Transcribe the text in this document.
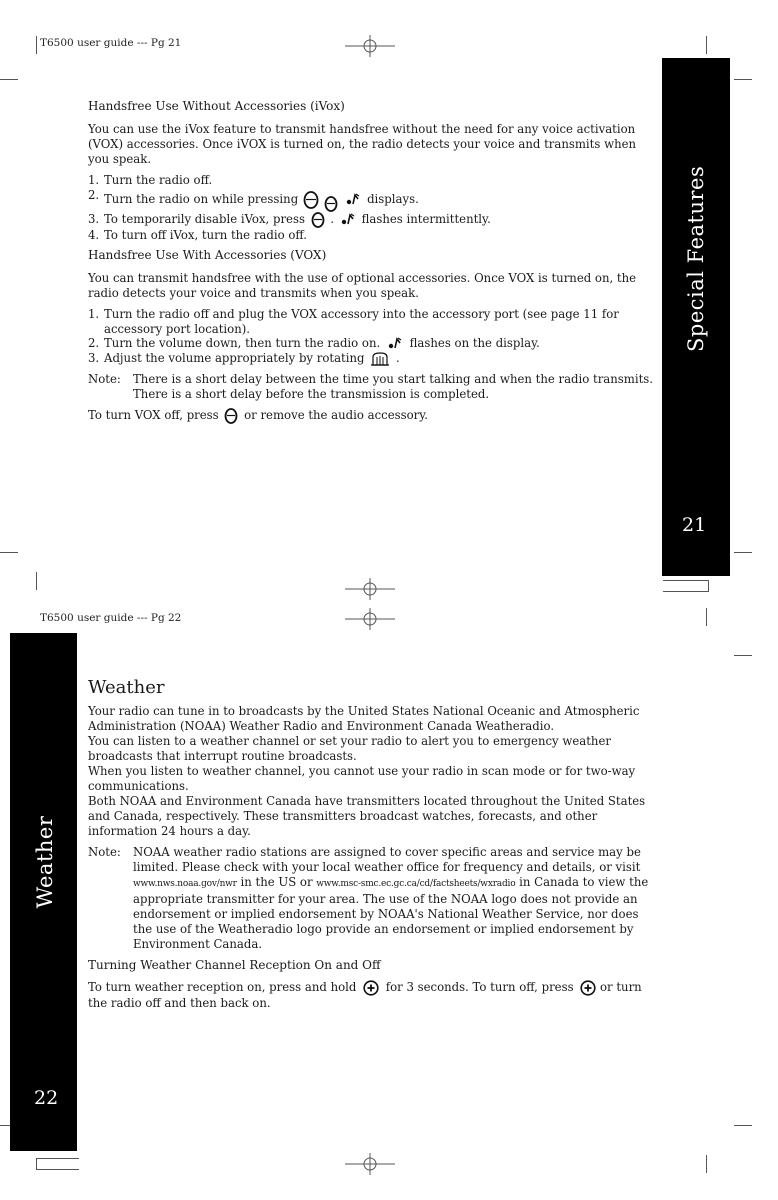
T6500 user guide --- Pg 21
Special Features
21

Handsfree Use Without Accessories (iVox)

You can use the iVox feature to transmit handsfree without the need for any voice activation (VOX) accessories. Once iVOX is turned on, the radio detects your voice and transmits when you speak.

1. Turn the radio off.
2. Turn the radio on while pressing

	displays.
3. To temporarily disable iVox, press . flashes intermittently.
4. To turn off iVox, turn the radio off.

Handsfree Use With Accessories (VOX)

You can transmit handsfree with the use of optional accessories. Once VOX is turned on, the radio detects your voice and transmits when you speak.

1. Turn the radio off and plug the VOX accessory into the accessory port (see page 11 for accessory port location).
2. Turn the volume down, then turn the radio on.	flashes on the display.
3. Adjust the volume appropriately by rotating	.
Note:	There is a short delay between the time you start talking and when the radio transmits. There is a short delay before the transmission is completed.

To turn VOX off, press or remove the audio accessory.

T6500 user guide --- Pg 22
Weather
22

Weather

Your radio can tune in to broadcasts by the United States National Oceanic and Atmospheric Administration (NOAA) Weather Radio and Environment Canada Weatheradio.

You can listen to a weather channel or set your radio to alert you to emergency weather broadcasts that interrupt routine broadcasts.

When you listen to weather channel, you cannot use your radio in scan mode or for two-way communications.

Both NOAA and Environment Canada have transmitters located throughout the United States and Canada, respectively. These transmitters broadcast watches, forecasts, and other information 24 hours a day.

Note:	NOAA weather radio stations are assigned to cover specific areas and service may be limited. Please check with your local weather office for frequency and details, or visit www.nws.noaa.gov/nwr in the US or www.msc-smc.ec.gc.ca/cd/factsheets/wxradio in Canada to view the appropriate transmitter for your area. The use of the NOAA logo does not provide an endorsement or implied endorsement by NOAA's National Weather Service, nor does the use of the Weatheradio logo provide an endorsement or implied endorsement by Environment Canada.

Turning Weather Channel Reception On and Off

To turn weather reception on, press and hold	for 3 seconds. To turn off, press or turn the radio off and then back on.
